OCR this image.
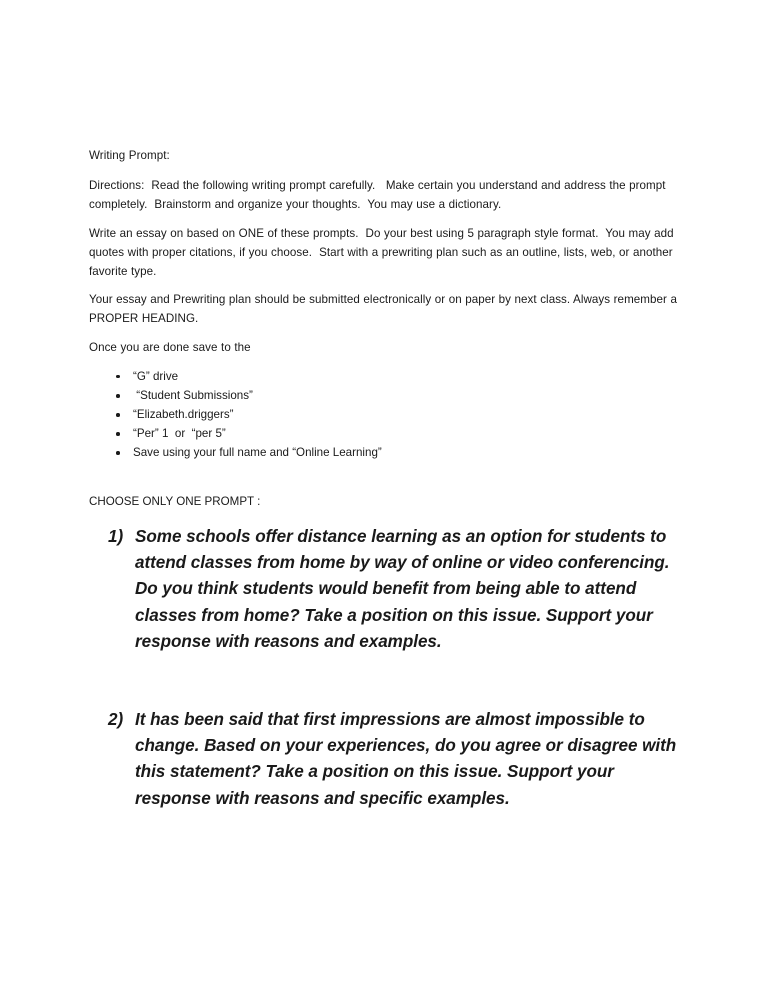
Writing Prompt:

Directions:  Read the following writing prompt carefully.   Make certain you understand and address the prompt completely.  Brainstorm and organize your thoughts.  You may use a dictionary.

Write an essay on based on ONE of these prompts.  Do your best using 5 paragraph style format.  You may add quotes with proper citations, if you choose.  Start with a prewriting plan such as an outline, lists, web, or another favorite type.

Your essay and Prewriting plan should be submitted electronically or on paper by next class. Always remember a PROPER HEADING.

Once you are done save to the

“G” drive
“Student Submissions”
“Elizabeth.driggers”
“Per” 1  or  “per 5”
Save using your full name and “Online Learning”
CHOOSE ONLY ONE PROMPT :
1) Some schools offer distance learning as an option for students to attend classes from home by way of online or video conferencing. Do you think students would benefit from being able to attend classes from home? Take a position on this issue. Support your response with reasons and examples.
2) It has been said that first impressions are almost impossible to change. Based on your experiences, do you agree or disagree with this statement? Take a position on this issue. Support your response with reasons and specific examples.
